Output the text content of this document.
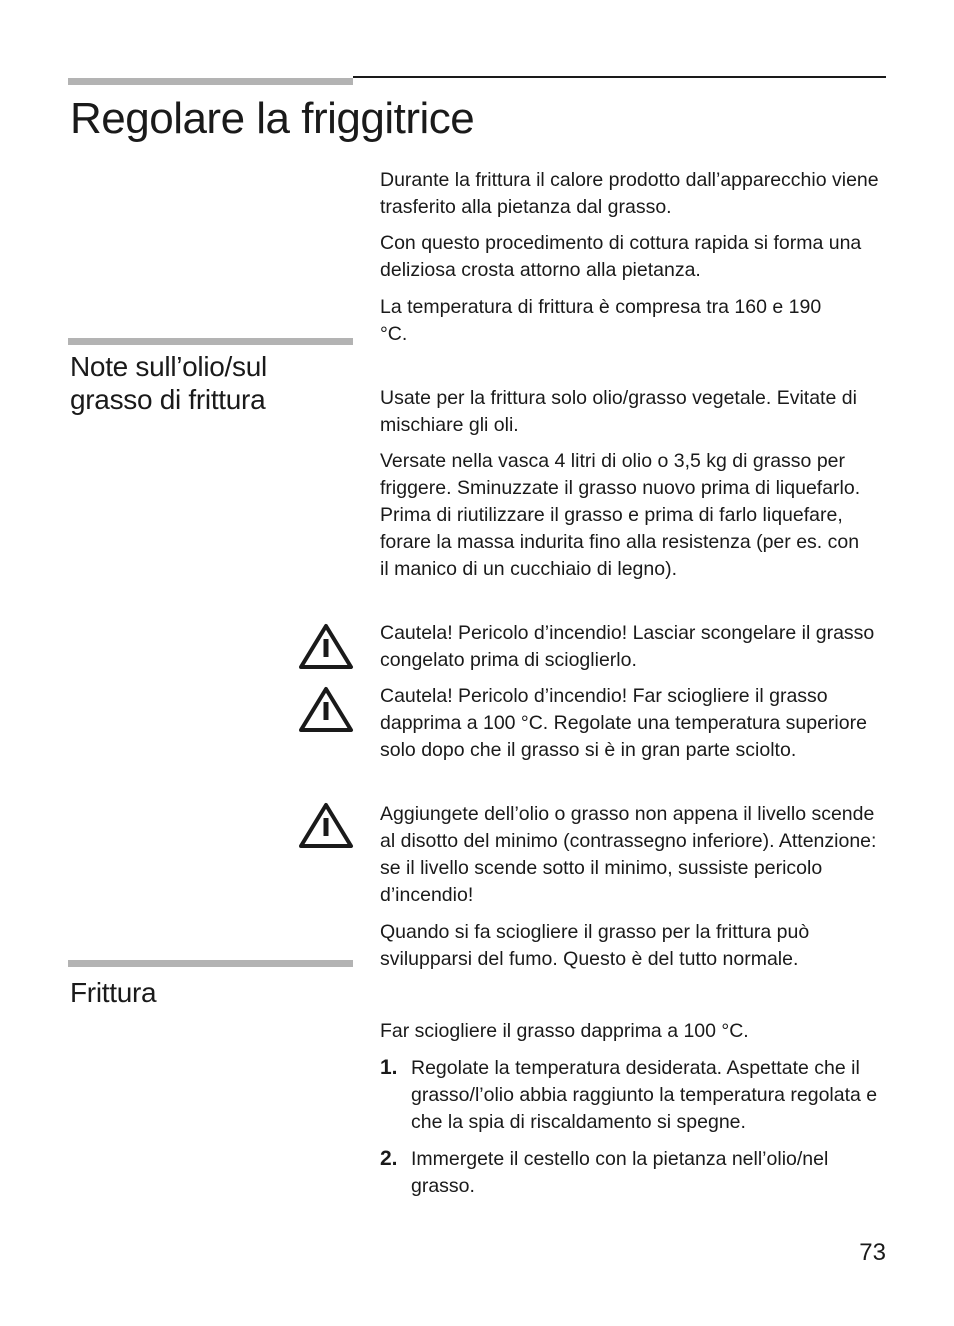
Regolare la friggitrice

Durante la frittura il calore prodotto dall’apparecchio viene trasferito alla pietanza dal grasso.

Con questo procedimento di cottura rapida si forma una deliziosa crosta attorno alla pietanza.

La temperatura di frittura è compresa tra 160 e 190 °C.

Note sull’olio/sul grasso di frittura	Usate per la frittura solo olio/grasso vegetale. Evitate di mischiare gli oli.

Versate nella vasca 4 litri di olio o 3,5 kg di grasso per friggere. Sminuzzate il grasso nuovo prima di liquefarlo. Prima di riutilizzare il grasso e prima di farlo liquefare, forare la massa indurita fino alla resistenza (per es. con il manico di un cucchiaio di legno).

Cautela! Pericolo d’incendio! Lasciar scongelare il grasso congelato prima di scioglierlo.

Cautela! Pericolo d’incendio! Far sciogliere il grasso dapprima a 100 °C. Regolate una temperatura superiore solo dopo che il grasso si è in gran parte sciolto.

Aggiungete dell’olio o grasso non appena il livello scende al disotto del minimo (contrassegno inferiore). Attenzione: se il livello scende sotto il minimo, sussiste pericolo d’incendio!

Quando si fa sciogliere il grasso per la frittura può svilupparsi del fumo. Questo è del tutto normale.

Frittura

Far sciogliere il grasso dapprima a 100 °C.

1. Regolate la temperatura desiderata. Aspettate che il grasso/l’olio abbia raggiunto la temperatura regolata e che la spia di riscaldamento si spegne.

2. Immergete il cestello con la pietanza nell’olio/nel grasso.

73
